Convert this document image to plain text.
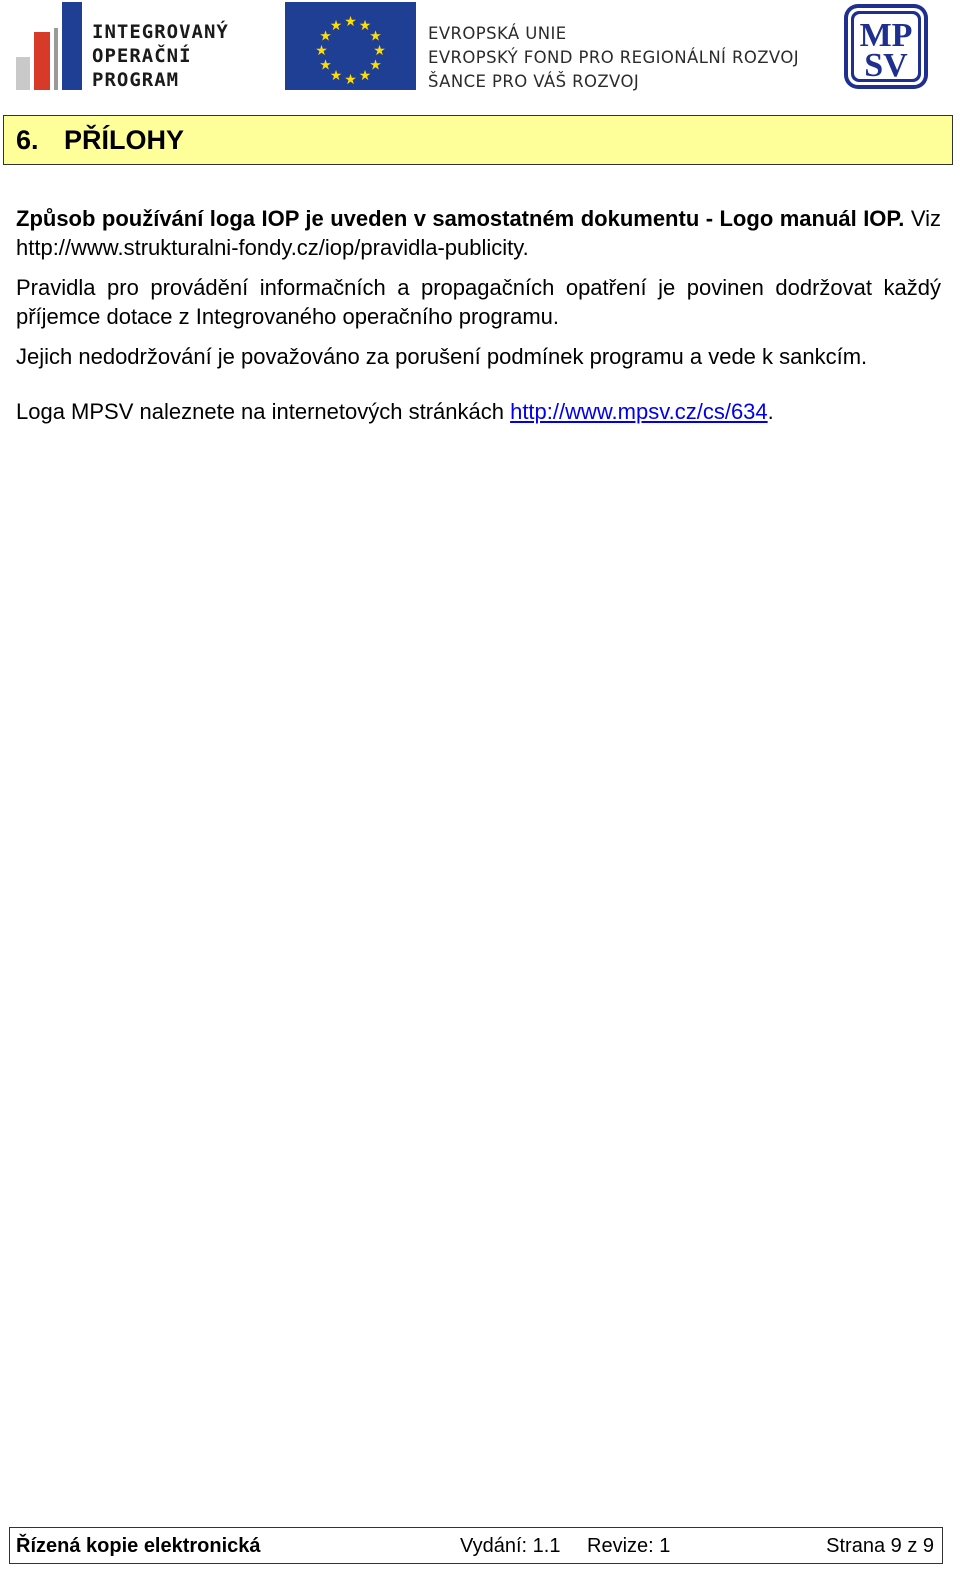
INTEGROVANÝ
OPERAČNÍ
PROGRAM
★ ★
★
★
★
★
★
★
★
★
★
★	EVROPSKÁ UNIE
EVROPSKÝ FOND PRO REGIONÁLNÍ ROZVOJ
ŠANCE PRO VÁŠ ROZVOJ
MP
SV
6. PŘÍLOHY

Způsob používání loga IOP je uveden v samostatném dokumentu - Logo manuál IOP. Viz http://www.strukturalni-fondy.cz/iop/pravidla-publicity.

Pravidla pro provádění informačních a propagačních opatření je povinen dodržovat každý příjemce dotace z Integrovaného operačního programu.

Jejich nedodržování je považováno za porušení podmínek programu a vede k sankcím.

Loga MPSV naleznete na internetových stránkách http://www.mpsv.cz/cs/634.

Řízená kopie elektronická	Vydání: 1.1 Revize: 1	Strana 9 z 9
